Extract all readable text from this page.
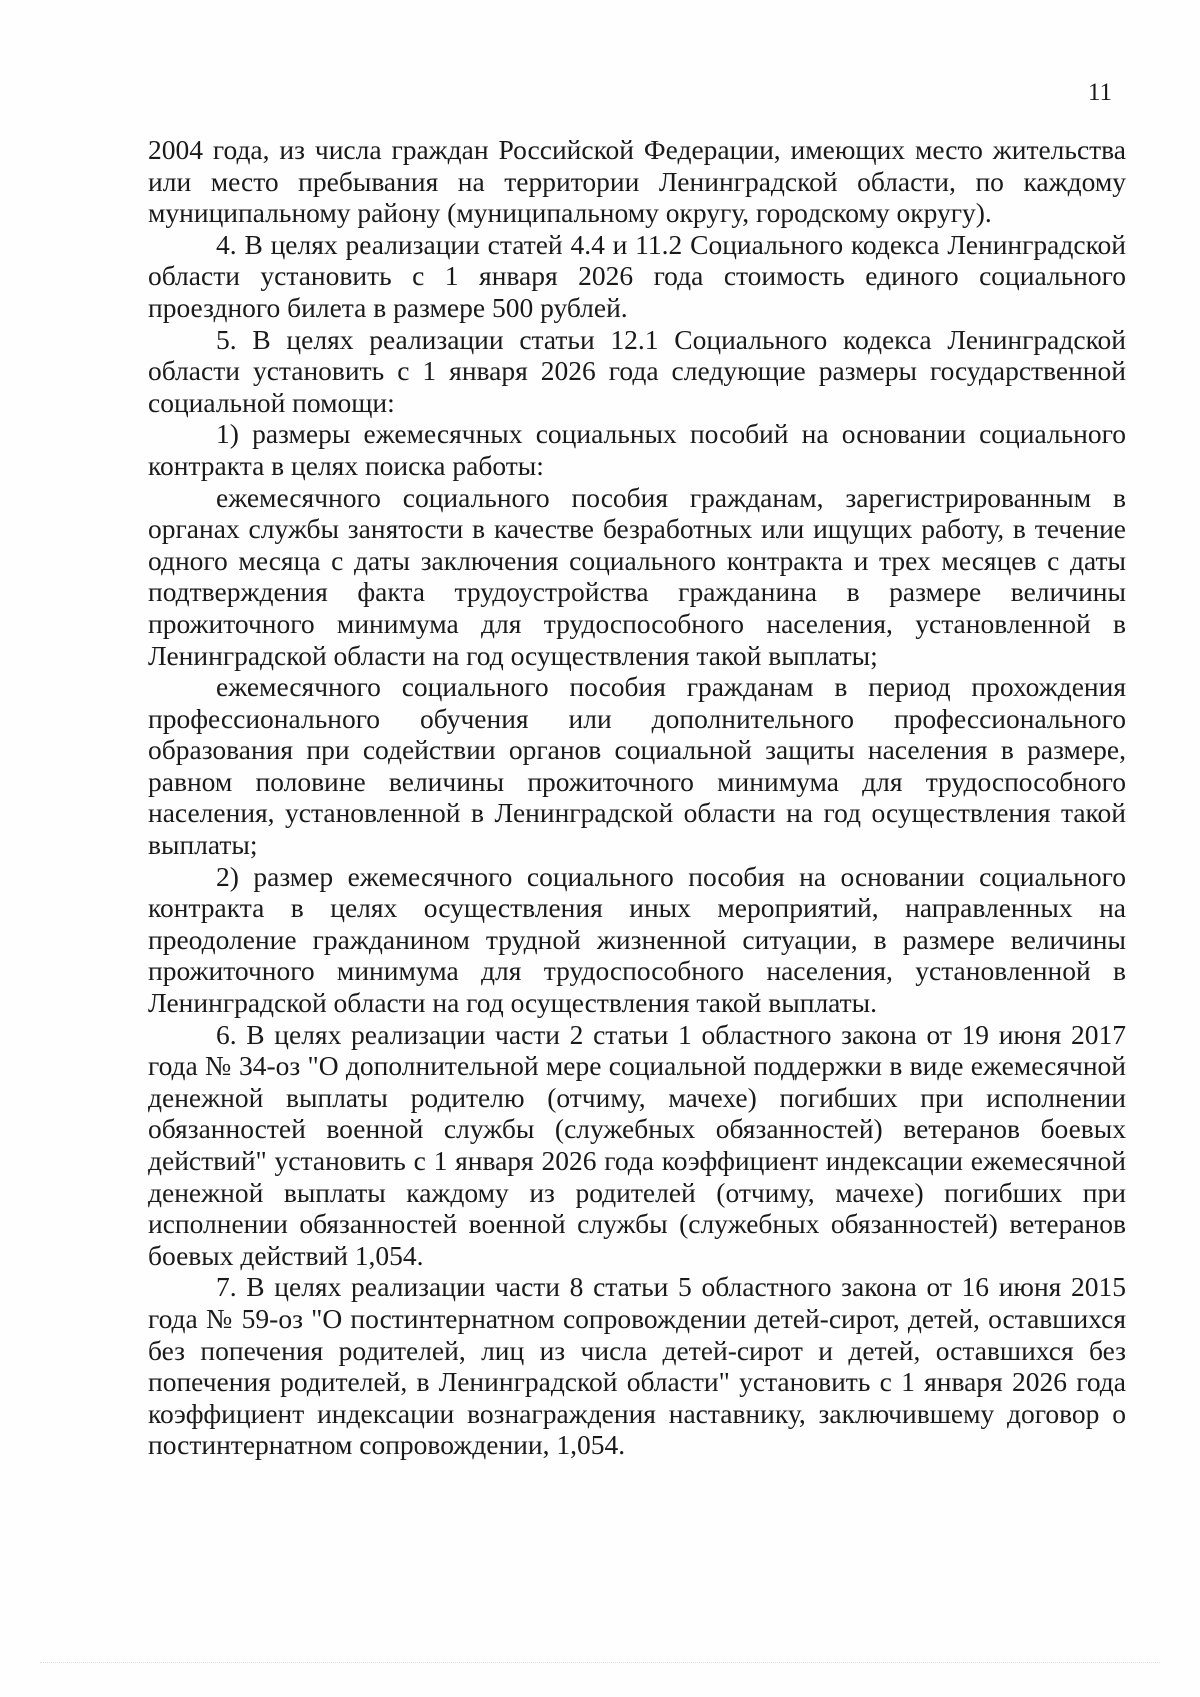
11

2004 года, из числа граждан Российской Федерации, имеющих место жительства или место пребывания на территории Ленинградской области, по каждому муниципальному району (муниципальному округу, городскому округу).

4. В целях реализации статей 4.4 и 11.2 Социального кодекса Ленинградской области установить с 1 января 2026 года стоимость единого социального проездного билета в размере 500 рублей.

5. В целях реализации статьи 12.1 Социального кодекса Ленинградской области установить с 1 января 2026 года следующие размеры государственной социальной помощи:

1) размеры ежемесячных социальных пособий на основании социального контракта в целях поиска работы:

ежемесячного социального пособия гражданам, зарегистрированным в органах службы занятости в качестве безработных или ищущих работу, в течение одного месяца с даты заключения социального контракта и трех месяцев с даты подтверждения факта трудоустройства гражданина в размере величины прожиточного минимума для трудоспособного населения, установленной в Ленинградской области на год осуществления такой выплаты;

ежемесячного социального пособия гражданам в период прохождения профессионального обучения или дополнительного профессионального образования при содействии органов социальной защиты населения в размере, равном половине величины прожиточного минимума для трудоспособного населения, установленной в Ленинградской области на год осуществления такой выплаты;

2) размер ежемесячного социального пособия на основании социального контракта в целях осуществления иных мероприятий, направленных на преодоление гражданином трудной жизненной ситуации, в размере величины прожиточного минимума для трудоспособного населения, установленной в Ленинградской области на год осуществления такой выплаты.

6. В целях реализации части 2 статьи 1 областного закона от 19 июня 2017 года № 34-оз "О дополнительной мере социальной поддержки в виде ежемесячной денежной выплаты родителю (отчиму, мачехе) погибших при исполнении обязанностей военной службы (служебных обязанностей) ветеранов боевых действий" установить с 1 января 2026 года коэффициент индексации ежемесячной денежной выплаты каждому из родителей (отчиму, мачехе) погибших при исполнении обязанностей военной службы (служебных обязанностей) ветеранов боевых действий 1,054.

7. В целях реализации части 8 статьи 5 областного закона от 16 июня 2015 года № 59-оз "О постинтернатном сопровождении детей-сирот, детей, оставшихся без попечения родителей, лиц из числа детей-сирот и детей, оставшихся без попечения родителей, в Ленинградской области" установить с 1 января 2026 года коэффициент индексации вознаграждения наставнику, заключившему договор о постинтернатном сопровождении, 1,054.
